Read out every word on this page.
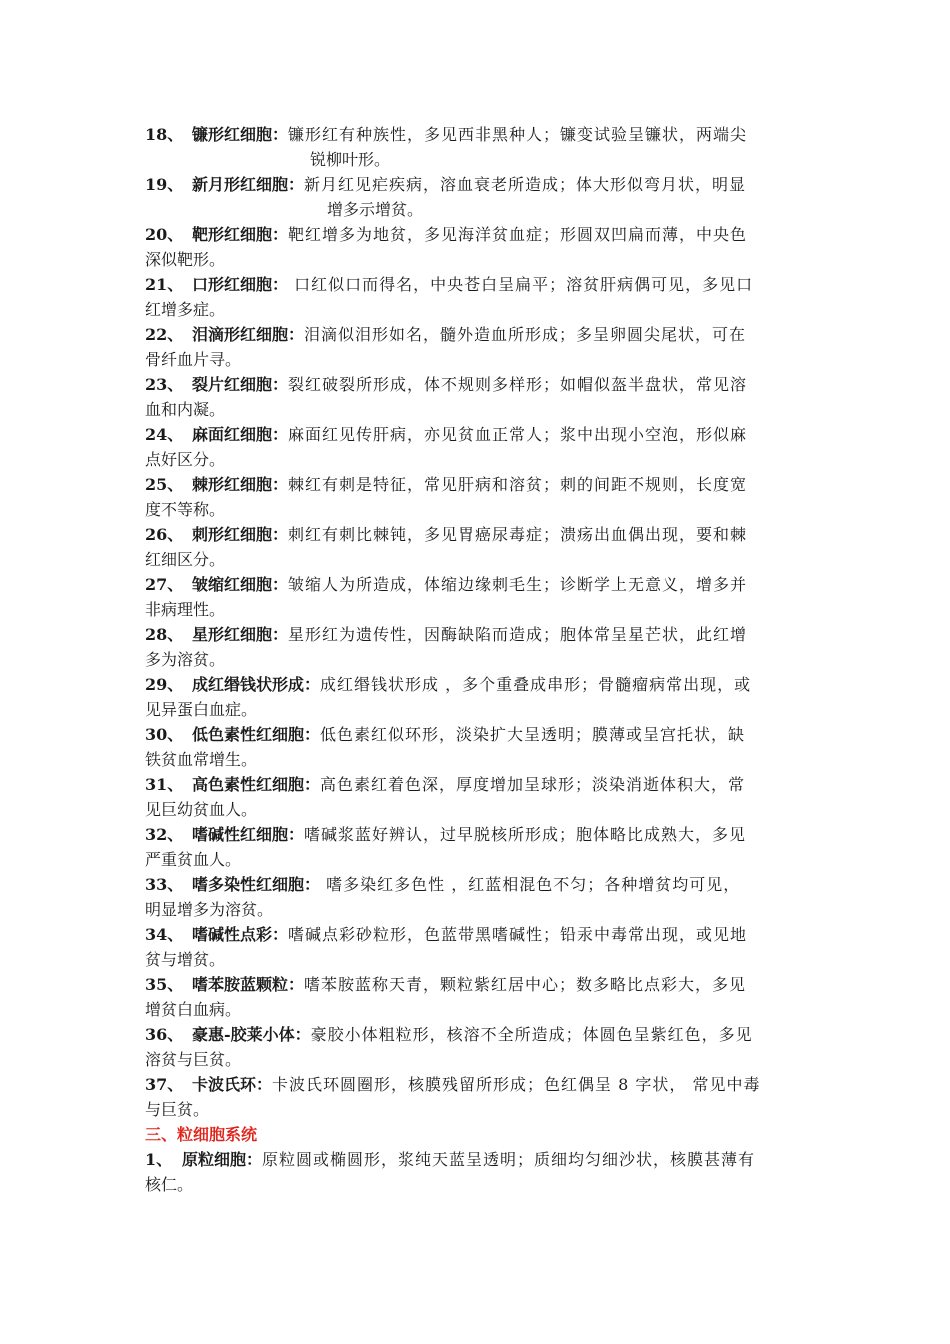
18、 镰形红细胞：镰形红有种族性，多见西非黑种人；镰变试验呈镰状，两端尖

锐柳叶形。

19、 新月形红细胞：新月红见疟疾病，溶血衰老所造成；体大形似弯月状，明显

增多示增贫。

20、 靶形红细胞：靶红增多为地贫，多见海洋贫血症；形圆双凹扁而薄，中央色

深似靶形。

21、 口形红细胞： 口红似口而得名，中央苍白呈扁平；溶贫肝病偶可见，多见口

红增多症。

22、 泪滴形红细胞：泪滴似泪形如名，髓外造血所形成；多呈卵圆尖尾状，可在

骨纤血片寻。

23、 裂片红细胞：裂红破裂所形成，体不规则多样形；如帽似盔半盘状，常见溶

血和内凝。

24、 麻面红细胞：麻面红见传肝病，亦见贫血正常人；浆中出现小空泡，形似麻

点好区分。

25、 棘形红细胞：棘红有刺是特征，常见肝病和溶贫；刺的间距不规则，长度宽

度不等称。

26、 刺形红细胞：刺红有刺比棘钝，多见胃癌尿毒症；溃疡出血偶出现，要和棘

红细区分。

27、 皱缩红细胞：皱缩人为所造成，体缩边缘刺毛生；诊断学上无意义，增多并

非病理性。

28、 星形红细胞：星形红为遗传性，因酶缺陷而造成；胞体常呈星芒状，此红增

多为溶贫。

29、 成红缗钱状形成：成红缗钱状形成 ，多个重叠成串形；骨髓瘤病常出现，或

见异蛋白血症。

30、 低色素性红细胞：低色素红似环形，淡染扩大呈透明；膜薄或呈宫托状，缺

铁贫血常增生。

31、 高色素性红细胞：高色素红着色深，厚度增加呈球形；淡染消逝体积大，常

见巨幼贫血人。

32、 嗜碱性红细胞：嗜碱浆蓝好辨认，过早脱核所形成；胞体略比成熟大，多见

严重贫血人。

33、 嗜多染性红细胞： 嗜多染红多色性 ，红蓝相混色不匀；各种增贫均可见，

明显增多为溶贫。

34、 嗜碱性点彩：嗜碱点彩砂粒形，色蓝带黑嗜碱性；铅汞中毒常出现，或见地

贫与增贫。

35、 嗜苯胺蓝颗粒：嗜苯胺蓝称天青，颗粒紫红居中心；数多略比点彩大，多见

增贫白血病。

36、 豪惠-胶莱小体：豪胶小体粗粒形，核溶不全所造成；体圆色呈紫红色，多见

溶贫与巨贫。

37、 卡波氏环：卡波氏环圆圈形，核膜残留所形成；色红偶呈 8 字状， 常见中毒

与巨贫。

三、粒细胞系统

1、 原粒细胞：原粒圆或椭圆形，浆纯天蓝呈透明；质细均匀细沙状，核膜甚薄有

核仁。
